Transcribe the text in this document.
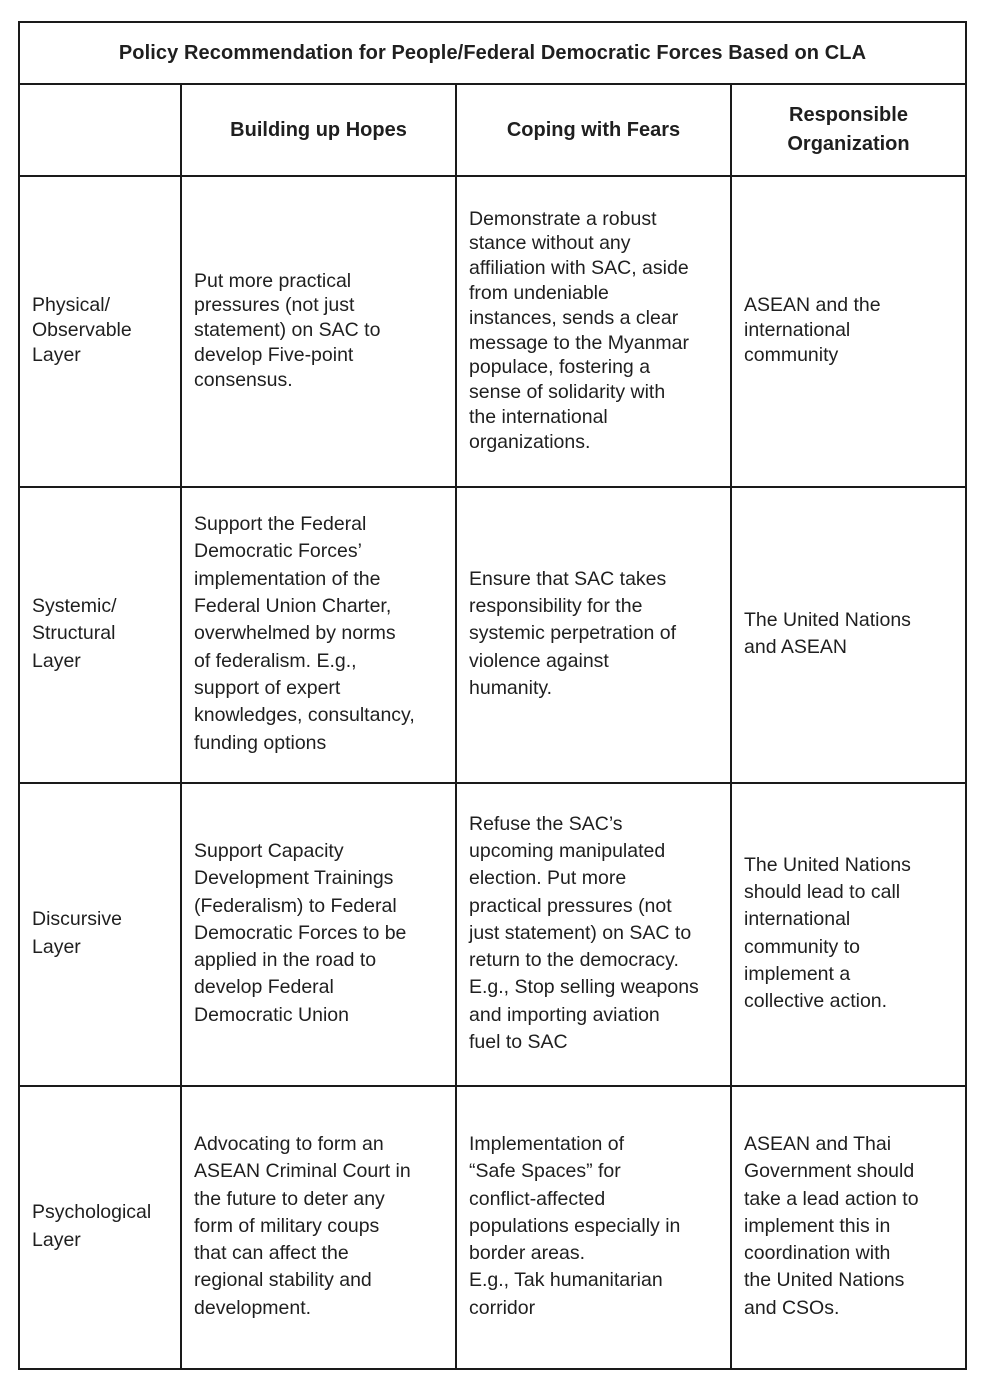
Policy Recommendation for People/Federal Democratic Forces Based on CLA
Building up Hopes	Coping with Fears
Responsible
Organization
Physical/
Observable
Layer
Put more practical
pressures (not just
statement) on SAC to
develop Five-point
consensus.
Demonstrate a robust
stance without any
affiliation with SAC, aside
from undeniable
instances, sends a clear
message to the Myanmar
populace, fostering a
sense of solidarity with
the international
organizations.
ASEAN and the
international
community
Systemic/
Structural
Layer
Support the Federal
Democratic Forces’
implementation of the
Federal Union Charter,
overwhelmed by norms
of federalism. E.g.,
support of expert
knowledges, consultancy,
funding options
Ensure that SAC takes
responsibility for the
systemic perpetration of
violence against
humanity.
The United Nations
and ASEAN
Discursive
Layer
Support Capacity
Development Trainings
(Federalism) to Federal
Democratic Forces to be
applied in the road to
develop Federal
Democratic Union
Refuse the SAC’s
upcoming manipulated
election. Put more
practical pressures (not
just statement) on SAC to
return to the democracy.
E.g., Stop selling weapons
and importing aviation
fuel to SAC
The United Nations
should lead to call
international
community to
implement a
collective action.
Psychological
Layer
Advocating to form an
ASEAN Criminal Court in
the future to deter any
form of military coups
that can affect the
regional stability and
development.
Implementation of
“Safe Spaces” for
conflict-affected
populations especially in
border areas.
E.g., Tak humanitarian
corridor
ASEAN and Thai
Government should
take a lead action to
implement this in
coordination with
the United Nations
and CSOs.
